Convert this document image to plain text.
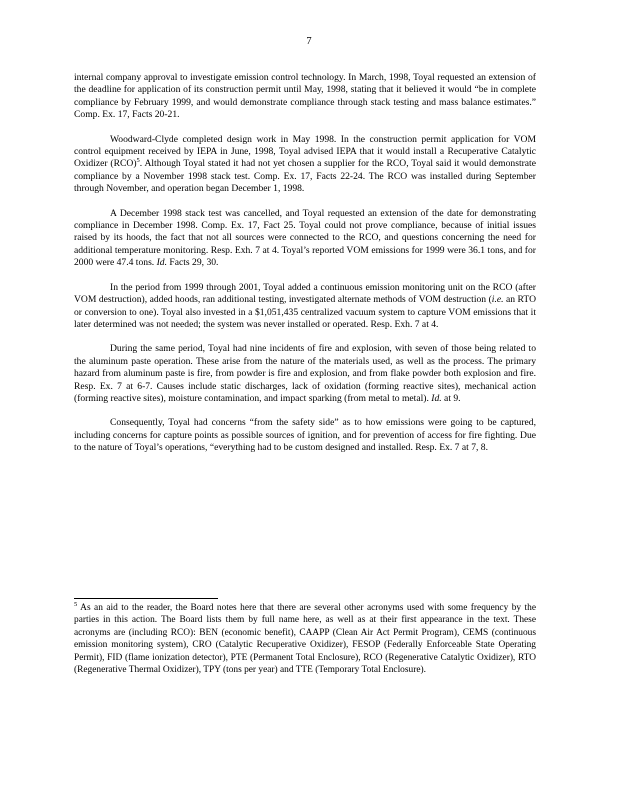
7

internal company approval to investigate emission control technology. In March, 1998, Toyal requested an extension of the deadline for application of its construction permit until May, 1998, stating that it believed it would “be in complete compliance by February 1999, and would demonstrate compliance through stack testing and mass balance estimates.” Comp. Ex. 17, Facts 20-21.

Woodward-Clyde completed design work in May 1998. In the construction permit application for VOM control equipment received by IEPA in June, 1998, Toyal advised IEPA that it would install a Recuperative Catalytic Oxidizer (RCO)$^5$. Although Toyal stated it had not yet chosen a supplier for the RCO, Toyal said it would demonstrate compliance by a November 1998 stack test. Comp. Ex. 17, Facts 22-24. The RCO was installed during September through November, and operation began December 1, 1998.

A December 1998 stack test was cancelled, and Toyal requested an extension of the date for demonstrating compliance in December 1998. Comp. Ex. 17, Fact 25. Toyal could not prove compliance, because of initial issues raised by its hoods, the fact that not all sources were connected to the RCO, and questions concerning the need for additional temperature monitoring. Resp. Exh. 7 at 4. Toyal’s reported VOM emissions for 1999 were 36.1 tons, and for 2000 were 47.4 tons. Id. Facts 29, 30.

In the period from 1999 through 2001, Toyal added a continuous emission monitoring unit on the RCO (after VOM destruction), added hoods, ran additional testing, investigated alternate methods of VOM destruction (i.e. an RTO or conversion to one). Toyal also invested in a $1,051,435 centralized vacuum system to capture VOM emissions that it later determined was not needed; the system was never installed or operated. Resp. Exh. 7 at 4.

During the same period, Toyal had nine incidents of fire and explosion, with seven of those being related to the aluminum paste operation. These arise from the nature of the materials used, as well as the process. The primary hazard from aluminum paste is fire, from powder is fire and explosion, and from flake powder both explosion and fire. Resp. Ex. 7 at 6-7. Causes include static discharges, lack of oxidation (forming reactive sites), mechanical action (forming reactive sites), moisture contamination, and impact sparking (from metal to metal). Id. at 9.

Consequently, Toyal had concerns “from the safety side” as to how emissions were going to be captured, including concerns for capture points as possible sources of ignition, and for prevention of access for fire fighting. Due to the nature of Toyal’s operations, “everything had to be custom designed and installed. Resp. Ex. 7 at 7, 8.

$^5$ As an aid to the reader, the Board notes here that there are several other acronyms used with some frequency by the parties in this action. The Board lists them by full name here, as well as at their first appearance in the text. These acronyms are (including RCO): BEN (economic benefit), CAAPP (Clean Air Act Permit Program), CEMS (continuous emission monitoring system), CRO (Catalytic Recuperative Oxidizer), FESOP (Federally Enforceable State Operating Permit), FID (flame ionization detector), PTE (Permanent Total Enclosure), RCO (Regenerative Catalytic Oxidizer), RTO (Regenerative Thermal Oxidizer), TPY (tons per year) and TTE (Temporary Total Enclosure).
